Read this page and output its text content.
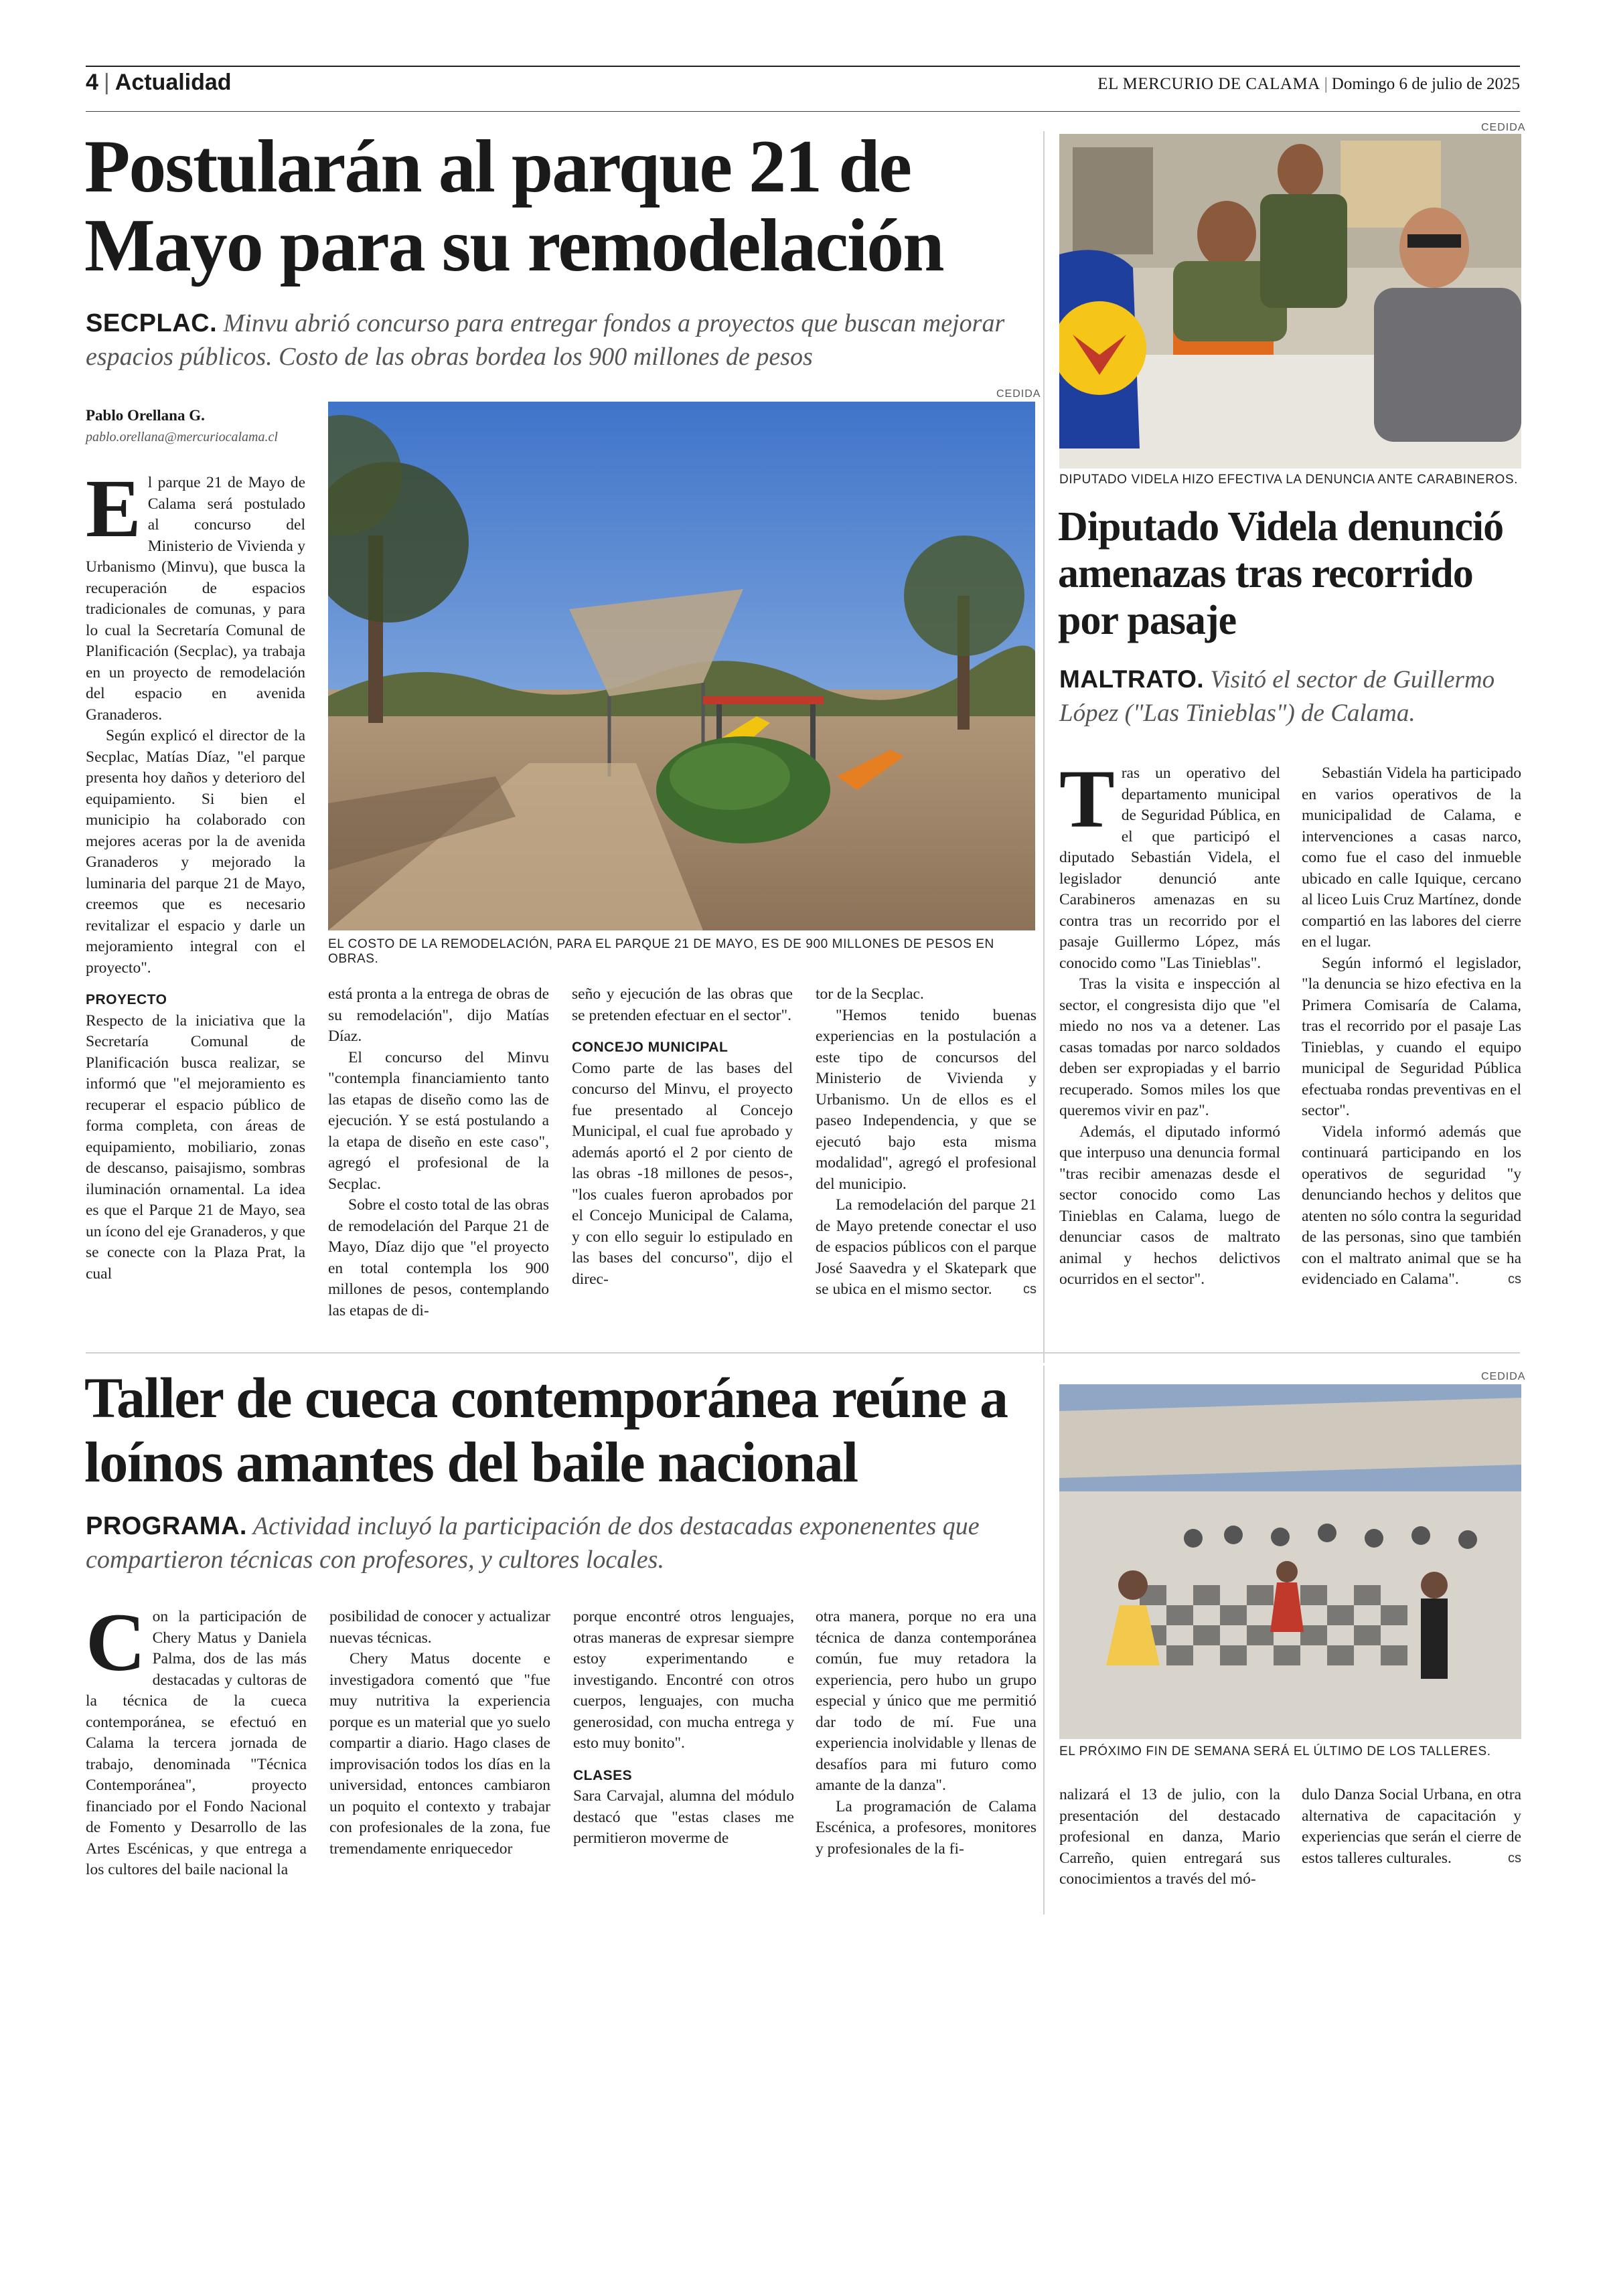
4 | Actualidad	EL MERCURIO DE CALAMA | Domingo 6 de julio de 2025
Postularán al parque 21 de Mayo para su remodelación
SECPLAC. Minvu abrió concurso para entregar fondos a proyectos que buscan mejorar espacios públicos. Costo de las obras bordea los 900 millones de pesos
Pablo Orellana G.
pablo.orellana@mercuriocalama.cl
CEDIDA
EL COSTO DE LA REMODELACIÓN, PARA EL PARQUE 21 DE MAYO, ES DE 900 MILLONES DE PESOS EN OBRAS.

El parque 21 de Mayo de Calama será postulado al concurso del Ministerio de Vivienda y Urbanismo (Minvu), que busca la recuperación de espacios tradicionales de comunas, y para lo cual la Secretaría Comunal de Planificación (Secplac), ya trabaja en un proyecto de remodelación del espacio en avenida Granaderos.

Según explicó el director de la Secplac, Matías Díaz, "el parque presenta hoy daños y deterioro del equipamiento. Si bien el municipio ha colaborado con mejores aceras por la de avenida Granaderos y mejorado la luminaria del parque 21 de Mayo, creemos que es necesario revitalizar el espacio y darle un mejoramiento integral con el proyecto".

PROYECTO

Respecto de la iniciativa que la Secretaría Comunal de Planificación busca realizar, se informó que "el mejoramiento es recuperar el espacio público de forma completa, con áreas de equipamiento, mobiliario, zonas de descanso, paisajismo, sombras iluminación ornamental. La idea es que el Parque 21 de Mayo, sea un ícono del eje Granaderos, y que se conecte con la Plaza Prat, la cual

está pronta a la entrega de obras de su remodelación", dijo Matías Díaz.

El concurso del Minvu "contempla financiamiento tanto las etapas de diseño como las de ejecución. Y se está postulando a la etapa de diseño en este caso", agregó el profesional de la Secplac.

Sobre el costo total de las obras de remodelación del Parque 21 de Mayo, Díaz dijo que "el proyecto en total contempla los 900 millones de pesos, contemplando las etapas de di-

seño y ejecución de las obras que se pretenden efectuar en el sector".

CONCEJO MUNICIPAL

Como parte de las bases del concurso del Minvu, el proyecto fue presentado al Concejo Municipal, el cual fue aprobado y además aportó el 2 por ciento de las obras -18 millones de pesos-, "los cuales fueron aprobados por el Concejo Municipal de Calama, y con ello seguir lo estipulado en las bases del concurso", dijo el direc-

tor de la Secplac.

"Hemos tenido buenas experiencias en la postulación a este tipo de concursos del Ministerio de Vivienda y Urbanismo. Un de ellos es el paseo Independencia, y que se ejecutó bajo esta misma modalidad", agregó el profesional del municipio.

La remodelación del parque 21 de Mayo pretende conectar el uso de espacios públicos con el parque José Saavedra y el Skatepark que se ubica en el mismo sector.	cs

CEDIDA
DIPUTADO VIDELA HIZO EFECTIVA LA DENUNCIA ANTE CARABINEROS.
Diputado Videla denunció amenazas tras recorrido por pasaje
MALTRATO. Visitó el sector de Guillermo López ("Las Tinieblas") de Calama.

Tras un operativo del departamento municipal de Seguridad Pública, en el que participó el diputado Sebastián Videla, el legislador denunció ante Carabineros amenazas en su contra tras un recorrido por el pasaje Guillermo López, más conocido como "Las Tinieblas".

Tras la visita e inspección al sector, el congresista dijo que "el miedo no nos va a detener. Las casas tomadas por narco soldados deben ser expropiadas y el barrio recuperado. Somos miles los que queremos vivir en paz".

Además, el diputado informó que interpuso una denuncia formal "tras recibir amenazas desde el sector conocido como Las Tinieblas en Calama, luego de denunciar casos de maltrato animal y hechos delictivos ocurridos en el sector".

Sebastián Videla ha participado en varios operativos de la municipalidad de Calama, e intervenciones a casas narco, como fue el caso del inmueble ubicado en calle Iquique, cercano al liceo Luis Cruz Martínez, donde compartió en las labores del cierre en el lugar.

Según informó el legislador, "la denuncia se hizo efectiva en la Primera Comisaría de Calama, tras el recorrido por el pasaje Las Tinieblas, y cuando el equipo municipal de Seguridad Pública efectuaba rondas preventivas en el sector".

Videla informó además que continuará participando en los operativos de seguridad "y denunciando hechos y delitos que atenten no sólo contra la seguridad de las personas, sino que también con el maltrato animal que se ha evidenciado en Calama".	cs

Taller de cueca contemporánea reúne a loínos amantes del baile nacional
PROGRAMA. Actividad incluyó la participación de dos destacadas exponenentes que compartieron técnicas con profesores, y cultores locales.
CEDIDA
EL PRÓXIMO FIN DE SEMANA SERÁ EL ÚLTIMO DE LOS TALLERES.

Con la participación de Chery Matus y Daniela Palma, dos de las más destacadas y cultoras de la técnica de la cueca contemporánea, se efectuó en Calama la tercera jornada de trabajo, denominada "Técnica Contemporánea", proyecto financiado por el Fondo Nacional de Fomento y Desarrollo de las Artes Escénicas, y que entrega a los cultores del baile nacional la

posibilidad de conocer y actualizar nuevas técnicas.

Chery Matus docente e investigadora comentó que "fue muy nutritiva la experiencia porque es un material que yo suelo compartir a diario. Hago clases de improvisación todos los días en la universidad, entonces cambiaron un poquito el contexto y trabajar con profesionales de la zona, fue tremendamente enriquecedor

porque encontré otros lenguajes, otras maneras de expresar siempre estoy experimentando e investigando. Encontré con otros cuerpos, lenguajes, con mucha generosidad, con mucha entrega y esto muy bonito".

CLASES

Sara Carvajal, alumna del módulo destacó que "estas clases me permitieron moverme de

otra manera, porque no era una técnica de danza contemporánea común, fue muy retadora la experiencia, pero hubo un grupo especial y único que me permitió dar todo de mí. Fue una experiencia inolvidable y llenas de desafíos para mi futuro como amante de la danza".

La programación de Calama Escénica, a profesores, monitores y profesionales de la fi-

nalizará el 13 de julio, con la presentación del destacado profesional en danza, Mario Carreño, quien entregará sus conocimientos a través del mó-

dulo Danza Social Urbana, en otra alternativa de capacitación y experiencias que serán el cierre de estos talleres culturales.	cs
